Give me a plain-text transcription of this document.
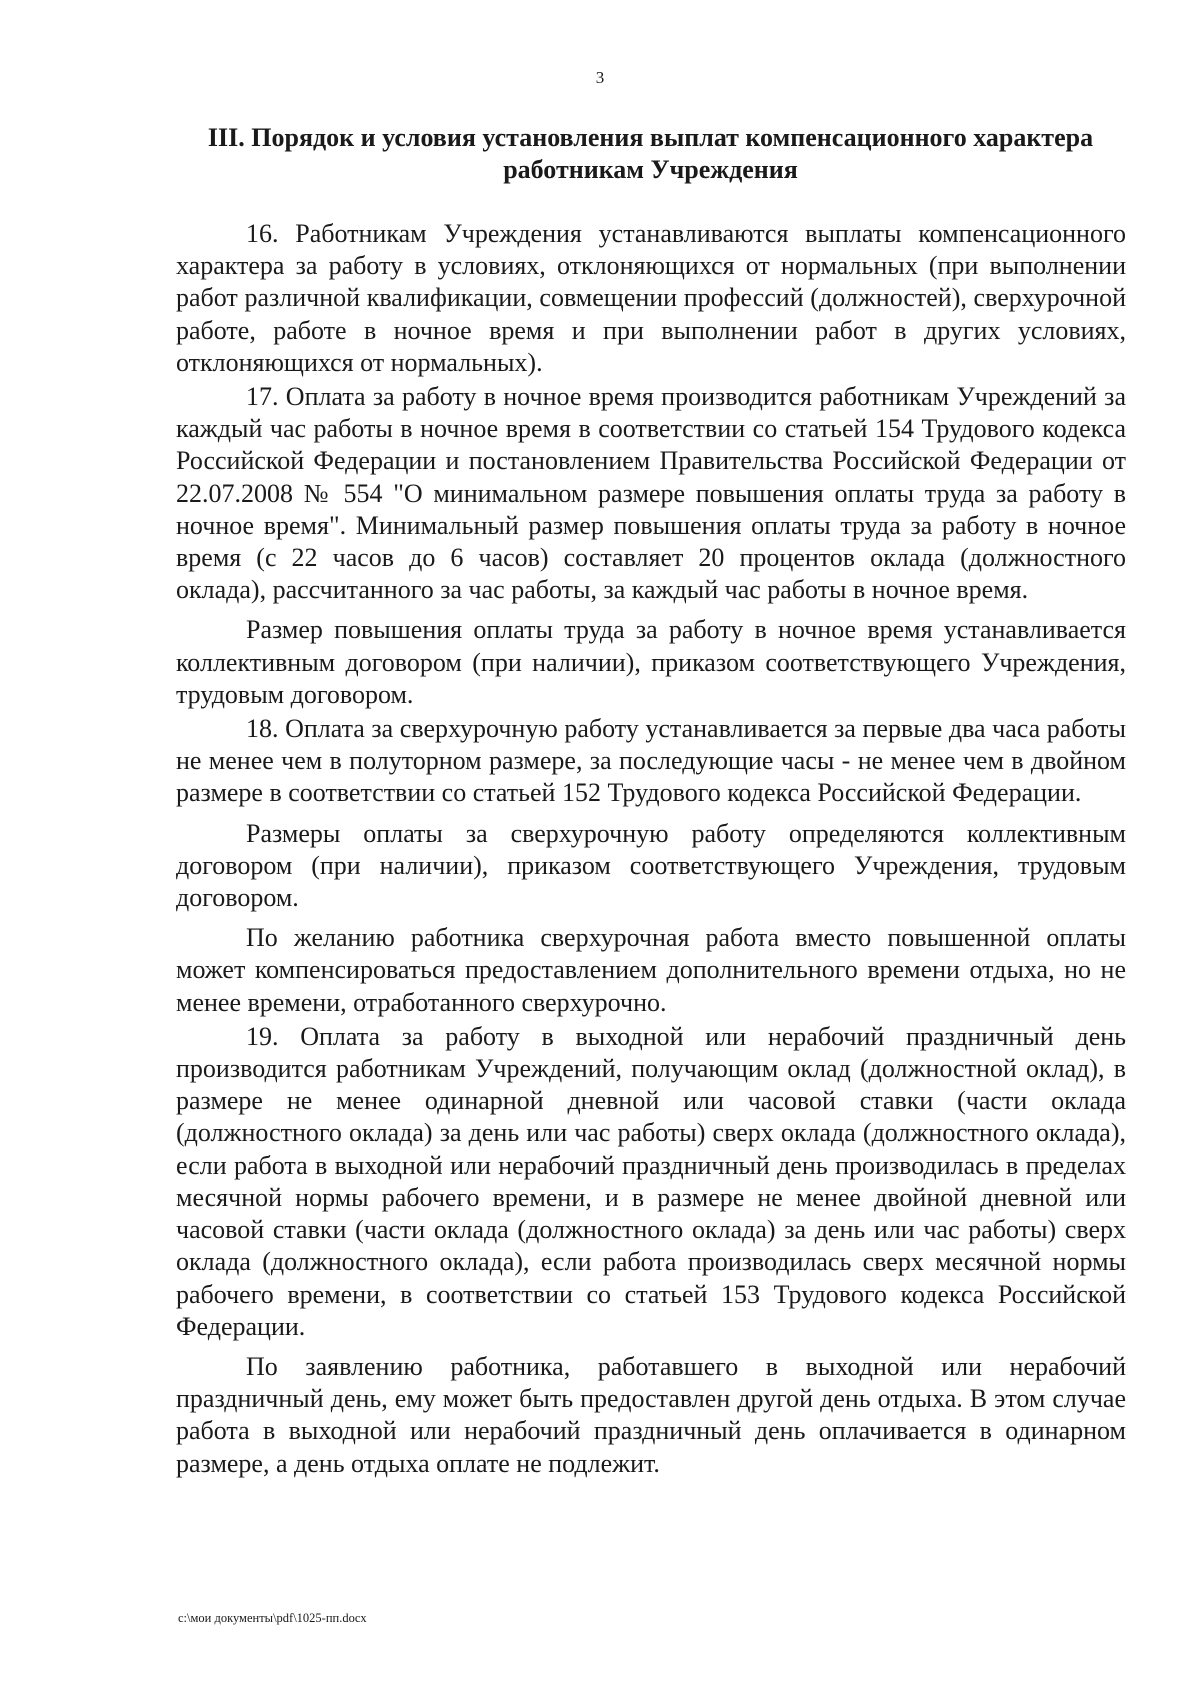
3
III. Порядок и условия установления выплат компенсационного характера работникам Учреждения

16. Работникам Учреждения устанавливаются выплаты компенсационного характера за работу в условиях, отклоняющихся от нормальных (при выполнении работ различной квалификации, совмещении профессий (должностей), сверхурочной работе, работе в ночное время и при выполнении работ в других условиях, отклоняющихся от нормальных).

17. Оплата за работу в ночное время производится работникам Учреждений за каждый час работы в ночное время в соответствии со статьей 154 Трудового кодекса Российской Федерации и постановлением Правительства Российской Федерации от 22.07.2008 № 554 "О минимальном размере повышения оплаты труда за работу в ночное время". Минимальный размер повышения оплаты труда за работу в ночное время (с 22 часов до 6 часов) составляет 20 процентов оклада (должностного оклада), рассчитанного за час работы, за каждый час работы в ночное время.

Размер повышения оплаты труда за работу в ночное время устанавливается коллективным договором (при наличии), приказом соответствующего Учреждения, трудовым договором.

18. Оплата за сверхурочную работу устанавливается за первые два часа работы не менее чем в полуторном размере, за последующие часы - не менее чем в двойном размере в соответствии со статьей 152 Трудового кодекса Российской Федерации.

Размеры оплаты за сверхурочную работу определяются коллективным договором (при наличии), приказом соответствующего Учреждения, трудовым договором.

По желанию работника сверхурочная работа вместо повышенной оплаты может компенсироваться предоставлением дополнительного времени отдыха, но не менее времени, отработанного сверхурочно.

19. Оплата за работу в выходной или нерабочий праздничный день производится работникам Учреждений, получающим оклад (должностной оклад), в размере не менее одинарной дневной или часовой ставки (части оклада (должностного оклада) за день или час работы) сверх оклада (должностного оклада), если работа в выходной или нерабочий праздничный день производилась в пределах месячной нормы рабочего времени, и в размере не менее двойной дневной или часовой ставки (части оклада (должностного оклада) за день или час работы) сверх оклада (должностного оклада), если работа производилась сверх месячной нормы рабочего времени, в соответствии со статьей 153 Трудового кодекса Российской Федерации.

По заявлению работника, работавшего в выходной или нерабочий праздничный день, ему может быть предоставлен другой день отдыха. В этом случае работа в выходной или нерабочий праздничный день оплачивается в одинарном размере, а день отдыха оплате не подлежит.

c:\мои документы\pdf\1025-пп.docx
